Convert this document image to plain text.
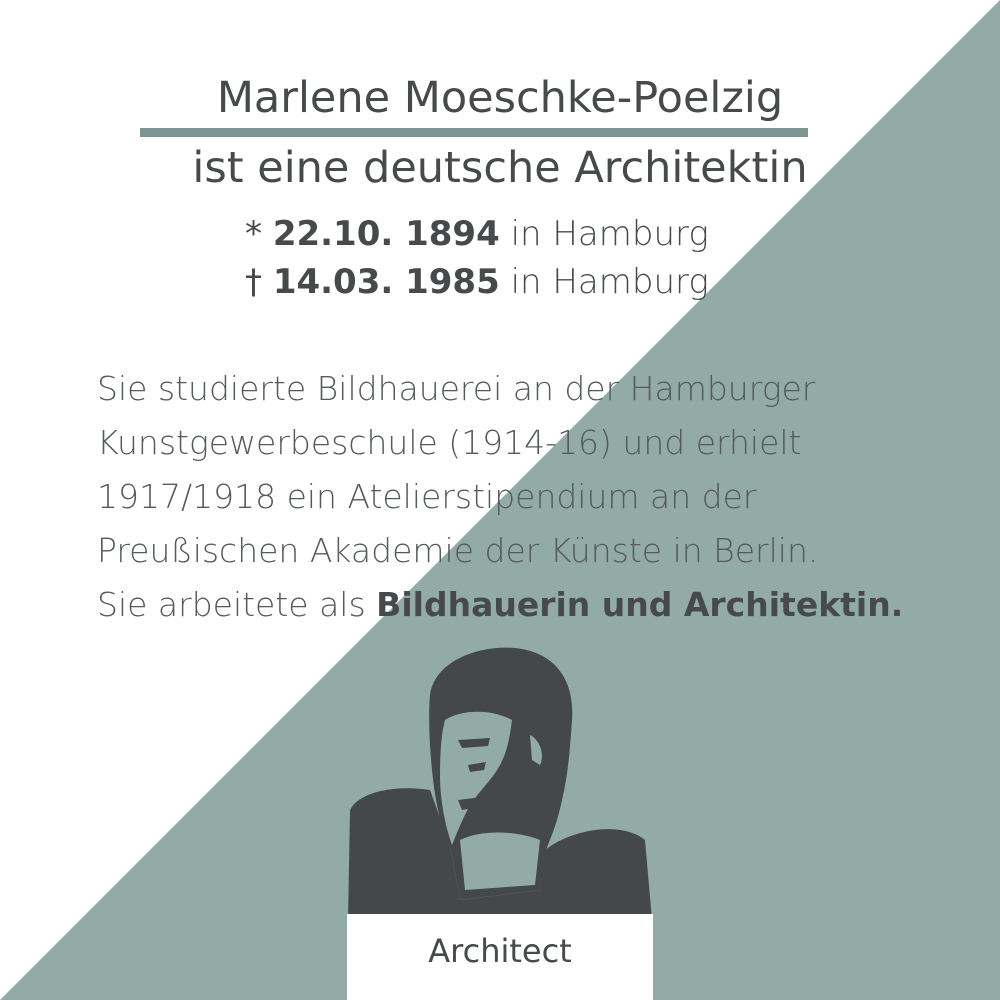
Marlene Moeschke-Poelzig
ist eine deutsche Architektin
* 22.10. 1894 in Hamburg
† 14.03. 1985 in Hamburg
Sie studierte Bildhauerei an der Hamburger
Kunstgewerbeschule (1914-16) und erhielt
1917/1918 ein Atelierstipendium an der
Preußischen Akademie der Künste in Berlin.
Sie arbeitete als Bildhauerin und Architektin.
Architect
